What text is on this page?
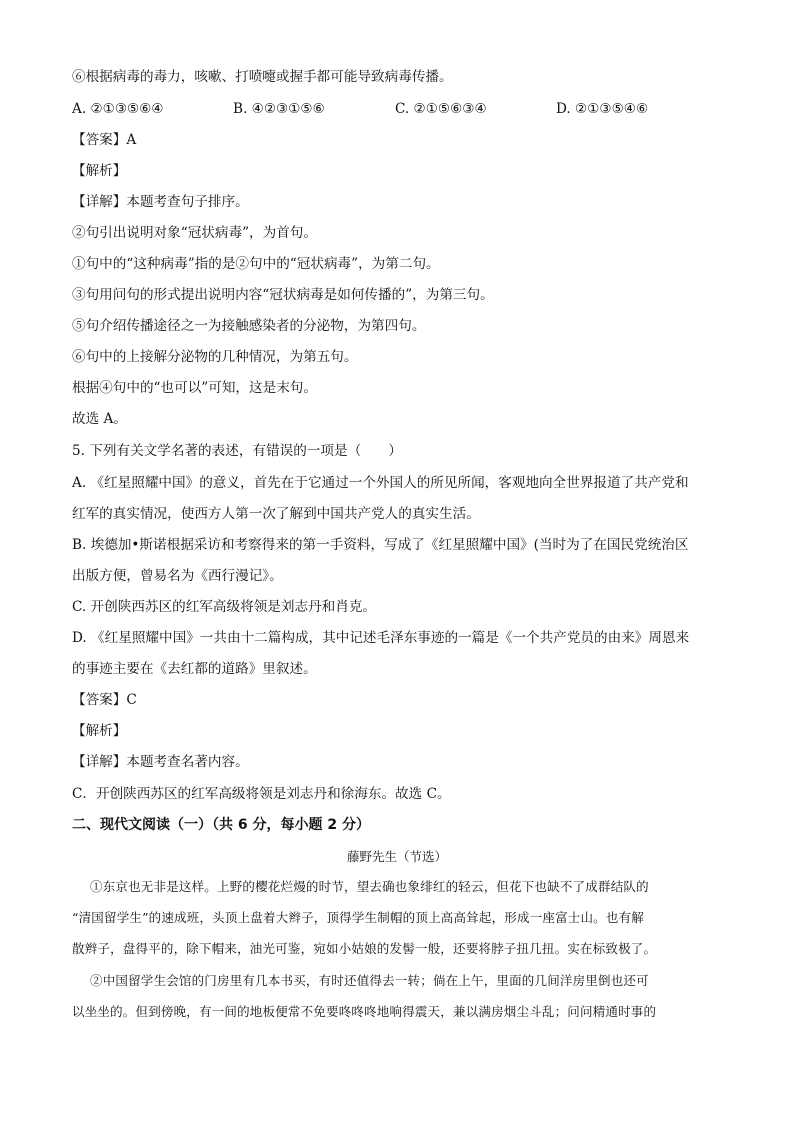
⑥根据病毒的毒力，咳嗽、打喷嚏或握手都可能导致病毒传播。
A. ②①③⑤⑥④	B. ④②③①⑤⑥	C. ②①⑤⑥③④	D. ②①③⑤④⑥
【答案】A
【解析】
【详解】本题考查句子排序。
②句引出说明对象“冠状病毒”，为首句。
①句中的“这种病毒”指的是②句中的“冠状病毒”，为第二句。
③句用问句的形式提出说明内容“冠状病毒是如何传播的”，为第三句。
⑤句介绍传播途径之一为接触感染者的分泌物，为第四句。
⑥句中的上接解分泌物的几种情况，为第五句。
根据④句中的“也可以”可知，这是末句。
故选 A。
5. 下列有关文学名著的表述，有错误的一项是（　　）
A. 《红星照耀中国》的意义，首先在于它通过一个外国人的所见所闻，客观地向全世界报道了共产党和
红军的真实情况，使西方人第一次了解到中国共产党人的真实生活。
B. 埃德加•斯诺根据采访和考察得来的第一手资料，写成了《红星照耀中国》(当时为了在国民党统治区
出版方便，曾易名为《西行漫记》。
C. 开创陕西苏区的红军高级将领是刘志丹和肖克。
D. 《红星照耀中国》一共由十二篇构成，其中记述毛泽东事迹的一篇是《一个共产党员的由来》周恩来
的事迹主要在《去红都的道路》里叙述。
【答案】C
【解析】
【详解】本题考查名著内容。
C．开创陕西苏区的红军高级将领是刘志丹和徐海东。故选 C。
二、现代文阅读（一）（共 6 分，每小题 2 分）
藤野先生（节选）
①东京也无非是这样。上野的樱花烂熳的时节，望去确也象绯红的轻云，但花下也缺不了成群结队的
“清国留学生”的速成班，头顶上盘着大辫子，顶得学生制帽的顶上高高耸起，形成一座富士山。也有解
散辫子，盘得平的，除下帽来，油光可鉴，宛如小姑娘的发髻一般，还要将脖子扭几扭。实在标致极了。
②中国留学生会馆的门房里有几本书买，有时还值得去一转；倘在上午，里面的几间洋房里倒也还可
以坐坐的。但到傍晚，有一间的地板便常不免要咚咚咚地响得震天，兼以满房烟尘斗乱；问问精通时事的
